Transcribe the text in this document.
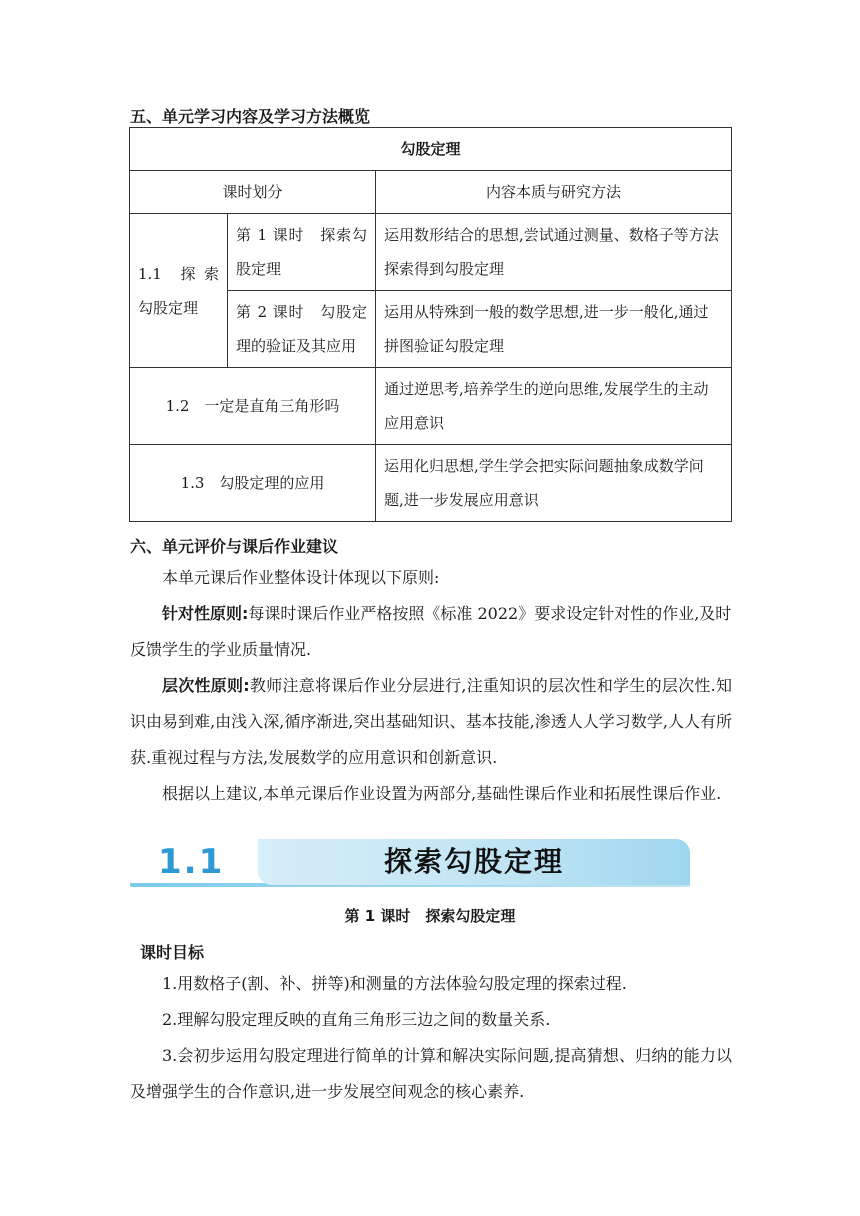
五、单元学习内容及学习方法概览
勾股定理		
课时划分		内容本质与研究方法
1.1　探 索勾股定理	第 1 课时　探索勾股定理	运用数形结合的思想,尝试通过测量、数格子等方法探索得到勾股定理
	第 2 课时　勾股定理的验证及其应用	运用从特殊到一般的数学思想,进一步一般化,通过拼图验证勾股定理
1.2　一定是直角三角形吗		通过逆思考,培养学生的逆向思维,发展学生的主动应用意识
1.3　勾股定理的应用		运用化归思想,学生学会把实际问题抽象成数学问题,进一步发展应用意识
六、单元评价与课后作业建议
本单元课后作业整体设计体现以下原则:
针对性原则:每课时课后作业严格按照《标准 2022》要求设定针对性的作业,及时反馈学生的学业质量情况.
层次性原则:教师注意将课后作业分层进行,注重知识的层次性和学生的层次性.知识由易到难,由浅入深,循序渐进,突出基础知识、基本技能,渗透人人学习数学,人人有所获.重视过程与方法,发展数学的应用意识和创新意识.
根据以上建议,本单元课后作业设置为两部分,基础性课后作业和拓展性课后作业.
1.1	探索勾股定理
第 1 课时　探索勾股定理
课时目标
1.用数格子(割、补、拼等)和测量的方法体验勾股定理的探索过程.
2.理解勾股定理反映的直角三角形三边之间的数量关系.
3.会初步运用勾股定理进行简单的计算和解决实际问题,提高猜想、归纳的能力以及增强学生的合作意识,进一步发展空间观念的核心素养.
